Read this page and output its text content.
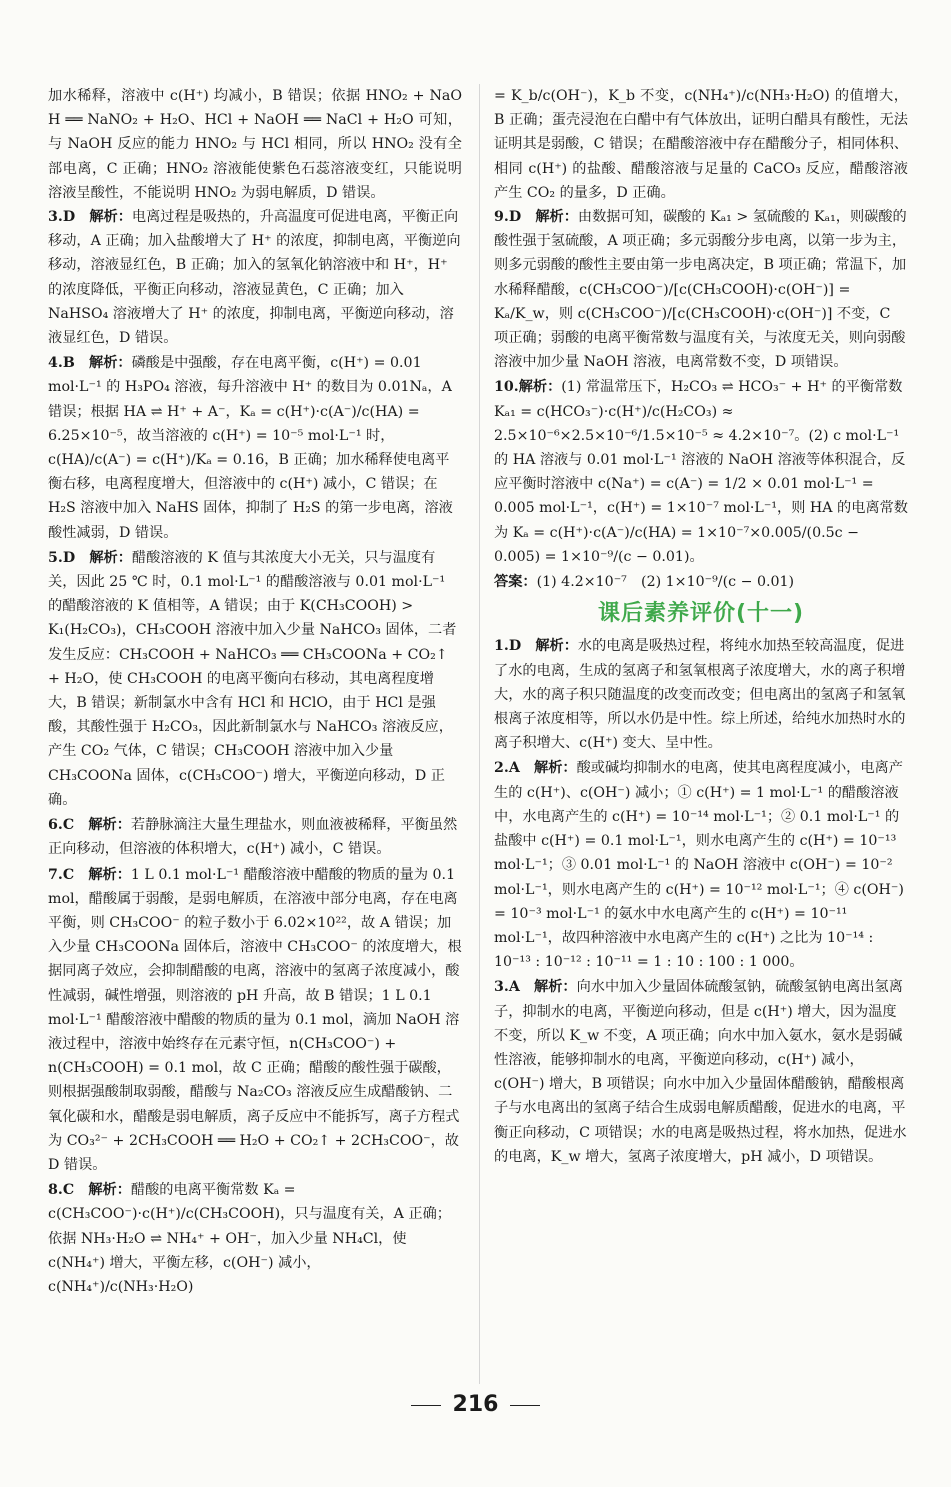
加水稀释，溶液中 c(H⁺) 均减小，B 错误；依据 HNO₂ + NaOH ══ NaNO₂ + H₂O、HCl + NaOH ══ NaCl + H₂O 可知，与 NaOH 反应的能力 HNO₂ 与 HCl 相同，所以 HNO₂ 没有全部电离，C 正确；HNO₂ 溶液能使紫色石蕊溶液变红，只能说明溶液呈酸性，不能说明 HNO₂ 为弱电解质，D 错误。

3.D　 解析：电离过程是吸热的，升高温度可促进电离，平衡正向移动，A 正确；加入盐酸增大了 H⁺ 的浓度，抑制电离，平衡逆向移动，溶液显红色，B 正确；加入的氢氧化钠溶液中和 H⁺，H⁺ 的浓度降低，平衡正向移动，溶液显黄色，C 正确；加入 NaHSO₄ 溶液增大了 H⁺ 的浓度，抑制电离，平衡逆向移动，溶液显红色，D 错误。

4.B　 解析：磷酸是中强酸，存在电离平衡，c(H⁺) = 0.01 mol·L⁻¹ 的 H₃PO₄ 溶液，每升溶液中 H⁺ 的数目为 0.01Nₐ，A 错误；根据 HA ⇌ H⁺ + A⁻，Kₐ = c(H⁺)·c(A⁻)/c(HA) = 6.25×10⁻⁵，故当溶液的 c(H⁺) = 10⁻⁵ mol·L⁻¹ 时，c(HA)/c(A⁻) = c(H⁺)/Kₐ = 0.16，B 正确；加水稀释使电离平衡右移，电离程度增大，但溶液中的 c(H⁺) 减小，C 错误；在 H₂S 溶液中加入 NaHS 固体，抑制了 H₂S 的第一步电离，溶液酸性减弱，D 错误。

5.D　 解析：醋酸溶液的 K 值与其浓度大小无关，只与温度有关，因此 25 ℃ 时，0.1 mol·L⁻¹ 的醋酸溶液与 0.01 mol·L⁻¹ 的醋酸溶液的 K 值相等，A 错误；由于 K(CH₃COOH) > K₁(H₂CO₃)，CH₃COOH 溶液中加入少量 NaHCO₃ 固体，二者发生反应：CH₃COOH + NaHCO₃ ══ CH₃COONa + CO₂↑ + H₂O，使 CH₃COOH 的电离平衡向右移动，其电离程度增大，B 错误；新制氯水中含有 HCl 和 HClO，由于 HCl 是强酸，其酸性强于 H₂CO₃，因此新制氯水与 NaHCO₃ 溶液反应，产生 CO₂ 气体，C 错误；CH₃COOH 溶液中加入少量 CH₃COONa 固体，c(CH₃COO⁻) 增大，平衡逆向移动，D 正确。

6.C　 解析：若静脉滴注大量生理盐水，则血液被稀释，平衡虽然正向移动，但溶液的体积增大，c(H⁺) 减小，C 错误。

7.C　 解析：1 L 0.1 mol·L⁻¹ 醋酸溶液中醋酸的物质的量为 0.1 mol，醋酸属于弱酸，是弱电解质，在溶液中部分电离，存在电离平衡，则 CH₃COO⁻ 的粒子数小于 6.02×10²²，故 A 错误；加入少量 CH₃COONa 固体后，溶液中 CH₃COO⁻ 的浓度增大，根据同离子效应，会抑制醋酸的电离，溶液中的氢离子浓度减小，酸性减弱，碱性增强，则溶液的 pH 升高，故 B 错误；1 L 0.1 mol·L⁻¹ 醋酸溶液中醋酸的物质的量为 0.1 mol，滴加 NaOH 溶液过程中，溶液中始终存在元素守恒，n(CH₃COO⁻) + n(CH₃COOH) = 0.1 mol，故 C 正确；醋酸的酸性强于碳酸，则根据强酸制取弱酸，醋酸与 Na₂CO₃ 溶液反应生成醋酸钠、二氧化碳和水，醋酸是弱电解质，离子反应中不能拆写，离子方程式为 CO₃²⁻ + 2CH₃COOH ══ H₂O + CO₂↑ + 2CH₃COO⁻，故 D 错误。

8.C　 解析：醋酸的电离平衡常数 Kₐ = c(CH₃COO⁻)·c(H⁺)/c(CH₃COOH)，只与温度有关，A 正确；依据 NH₃·H₂O ⇌ NH₄⁺ + OH⁻，加入少量 NH₄Cl，使 c(NH₄⁺) 增大，平衡左移，c(OH⁻) 减小，c(NH₄⁺)/c(NH₃·H₂O)

= K_b/c(OH⁻)，K_b 不变，c(NH₄⁺)/c(NH₃·H₂O) 的值增大，B 正确；蛋壳浸泡在白醋中有气体放出，证明白醋具有酸性，无法证明其是弱酸，C 错误；在醋酸溶液中存在醋酸分子，相同体积、相同 c(H⁺) 的盐酸、醋酸溶液与足量的 CaCO₃ 反应，醋酸溶液产生 CO₂ 的量多，D 正确。

9.D　 解析：由数据可知，碳酸的 Kₐ₁ > 氢硫酸的 Kₐ₁，则碳酸的酸性强于氢硫酸，A 项正确；多元弱酸分步电离，以第一步为主，则多元弱酸的酸性主要由第一步电离决定，B 项正确；常温下，加水稀释醋酸，c(CH₃COO⁻)/[c(CH₃COOH)·c(OH⁻)] = Kₐ/K_w，则 c(CH₃COO⁻)/[c(CH₃COOH)·c(OH⁻)] 不变，C 项正确；弱酸的电离平衡常数与温度有关，与浓度无关，则向弱酸溶液中加少量 NaOH 溶液，电离常数不变，D 项错误。

10.解析：(1) 常温常压下，H₂CO₃ ⇌ HCO₃⁻ + H⁺ 的平衡常数 Kₐ₁ = c(HCO₃⁻)·c(H⁺)/c(H₂CO₃) ≈ 2.5×10⁻⁶×2.5×10⁻⁶/1.5×10⁻⁵ ≈ 4.2×10⁻⁷。(2) c mol·L⁻¹ 的 HA 溶液与 0.01 mol·L⁻¹ 溶液的 NaOH 溶液等体积混合，反应平衡时溶液中 c(Na⁺) = c(A⁻) = 1/2 × 0.01 mol·L⁻¹ = 0.005 mol·L⁻¹，c(H⁺) = 1×10⁻⁷ mol·L⁻¹，则 HA 的电离常数为 Kₐ = c(H⁺)·c(A⁻)/c(HA) = 1×10⁻⁷×0.005/(0.5c − 0.005) = 1×10⁻⁹/(c − 0.01)。

答案：(1) 4.2×10⁻⁷　(2) 1×10⁻⁹/(c − 0.01)

课后素养评价(十一)

1.D　 解析：水的电离是吸热过程，将纯水加热至较高温度，促进了水的电离，生成的氢离子和氢氧根离子浓度增大，水的离子积增大，水的离子积只随温度的改变而改变；但电离出的氢离子和氢氧根离子浓度相等，所以水仍是中性。综上所述，给纯水加热时水的离子积增大、c(H⁺) 变大、呈中性。

2.A　 解析：酸或碱均抑制水的电离，使其电离程度减小，电离产生的 c(H⁺)、c(OH⁻) 减小；① c(H⁺) = 1 mol·L⁻¹ 的醋酸溶液中，水电离产生的 c(H⁺) = 10⁻¹⁴ mol·L⁻¹；② 0.1 mol·L⁻¹ 的盐酸中 c(H⁺) = 0.1 mol·L⁻¹，则水电离产生的 c(H⁺) = 10⁻¹³ mol·L⁻¹；③ 0.01 mol·L⁻¹ 的 NaOH 溶液中 c(OH⁻) = 10⁻² mol·L⁻¹，则水电离产生的 c(H⁺) = 10⁻¹² mol·L⁻¹；④ c(OH⁻) = 10⁻³ mol·L⁻¹ 的氨水中水电离产生的 c(H⁺) = 10⁻¹¹ mol·L⁻¹，故四种溶液中水电离产生的 c(H⁺) 之比为 10⁻¹⁴ : 10⁻¹³ : 10⁻¹² : 10⁻¹¹ = 1 : 10 : 100 : 1 000。

3.A　 解析：向水中加入少量固体硫酸氢钠，硫酸氢钠电离出氢离子，抑制水的电离，平衡逆向移动，但是 c(H⁺) 增大，因为温度不变，所以 K_w 不变，A 项正确；向水中加入氨水，氨水是弱碱性溶液，能够抑制水的电离，平衡逆向移动，c(H⁺) 减小，c(OH⁻) 增大，B 项错误；向水中加入少量固体醋酸钠，醋酸根离子与水电离出的氢离子结合生成弱电解质醋酸，促进水的电离，平衡正向移动，C 项错误；水的电离是吸热过程，将水加热，促进水的电离，K_w 增大，氢离子浓度增大，pH 减小，D 项错误。

216
